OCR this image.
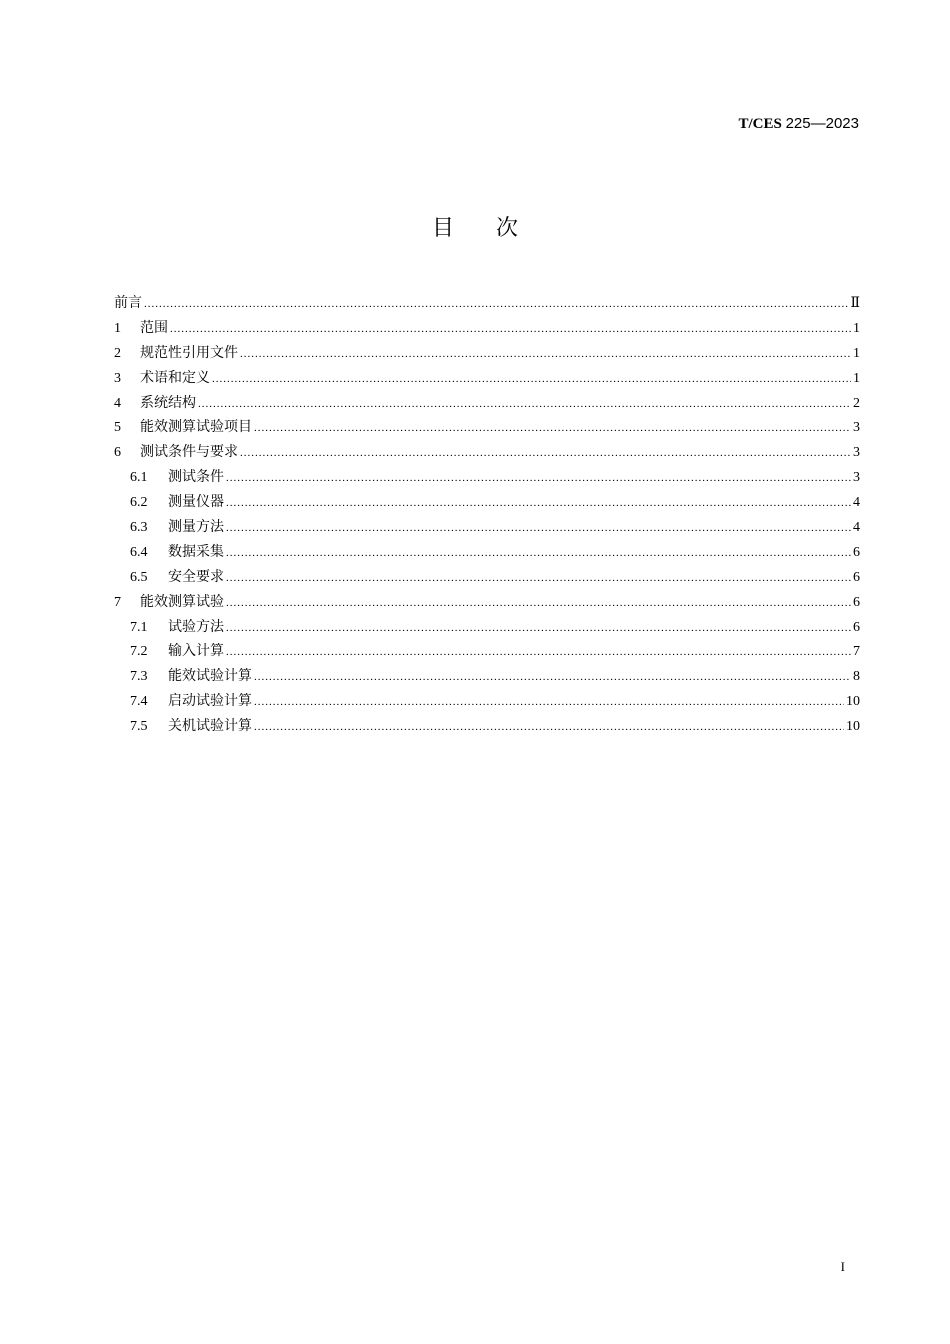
T/CES 225—2023
目次
前言 .....	Ⅱ
1	范围 .....	1
2	规范性引用文件 .....	1
3	术语和定义 .....	1
4	系统结构 .....	2
5	能效测算试验项目 .....	3
6	测试条件与要求 .....	3
6.1	测试条件 .....	3
6.2	测量仪器 .....	4
6.3	测量方法 .....	4
6.4	数据采集 .....	6
6.5	安全要求 .....	6
7	能效测算试验 .....	6
7.1	试验方法 .....	6
7.2	输入计算 .....	7
7.3	能效试验计算 .....	8
7.4	启动试验计算 .....	10
7.5	关机试验计算 .....	10
I
